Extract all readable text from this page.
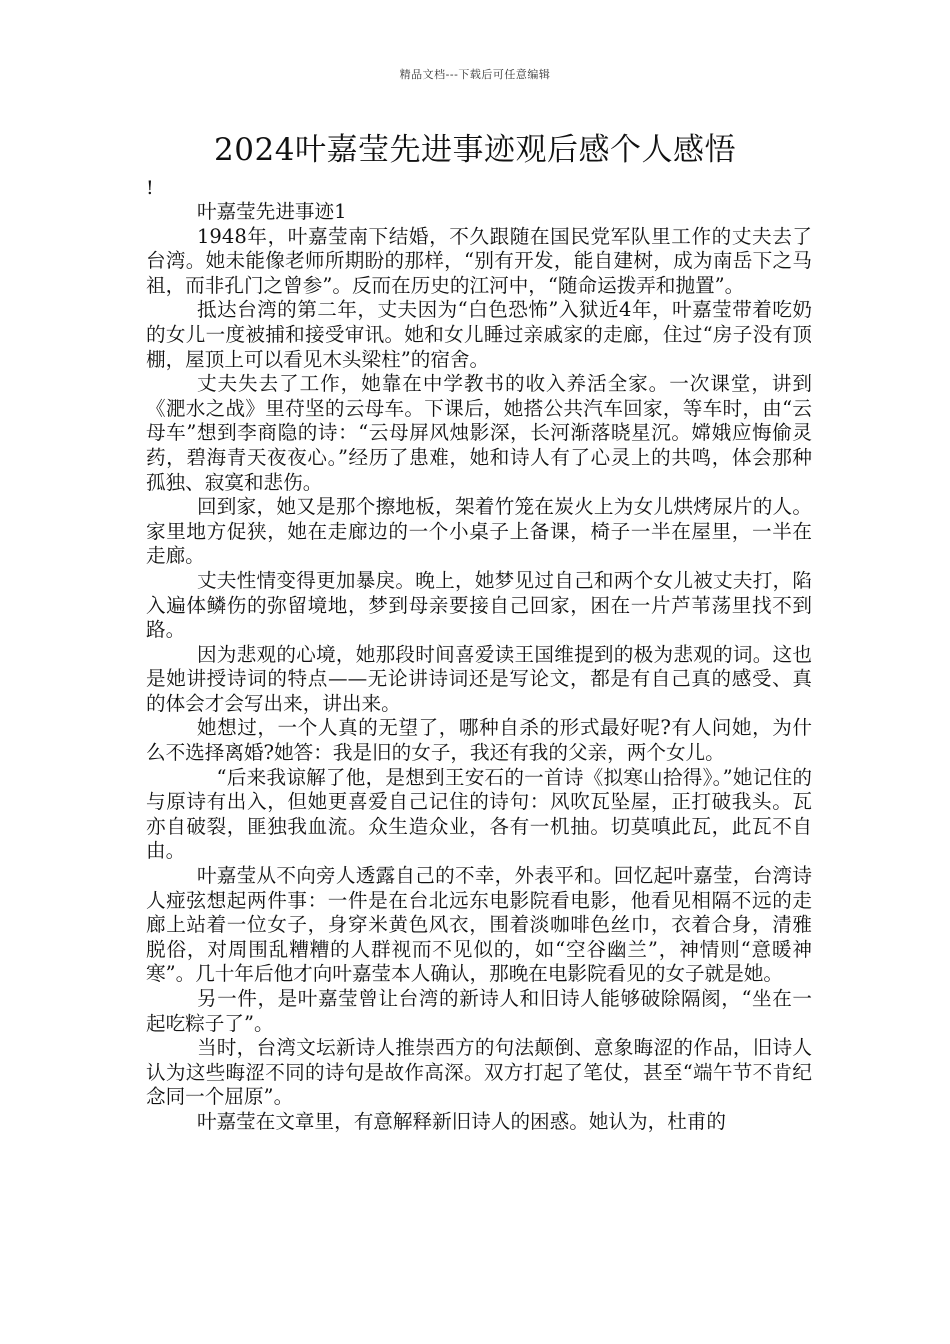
精品文档---下载后可任意编辑
2024叶嘉莹先进事迹观后感个人感悟
!

叶嘉莹先进事迹1

1948年，叶嘉莹南下结婚，不久跟随在国民党军队里工作的丈夫去了台湾。她未能像老师所期盼的那样，“别有开发，能自建树，成为南岳下之马祖，而非孔门之曾参”。反而在历史的江河中，“随命运拨弄和抛置”。

抵达台湾的第二年，丈夫因为“白色恐怖”入狱近4年，叶嘉莹带着吃奶的女儿一度被捕和接受审讯。她和女儿睡过亲戚家的走廊，住过“房子没有顶棚，屋顶上可以看见木头梁柱”的宿舍。

丈夫失去了工作，她靠在中学教书的收入养活全家。一次课堂，讲到《淝水之战》里苻坚的云母车。下课后，她搭公共汽车回家，等车时，由“云母车”想到李商隐的诗：“云母屏风烛影深，长河渐落晓星沉。嫦娥应悔偷灵药，碧海青天夜夜心。”经历了患难，她和诗人有了心灵上的共鸣，体会那种孤独、寂寞和悲伤。

回到家，她又是那个擦地板，架着竹笼在炭火上为女儿烘烤尿片的人。家里地方促狭，她在走廊边的一个小桌子上备课，椅子一半在屋里，一半在走廊。

丈夫性情变得更加暴戾。晚上，她梦见过自己和两个女儿被丈夫打，陷入遍体鳞伤的弥留境地，梦到母亲要接自己回家，困在一片芦苇荡里找不到路。

因为悲观的心境，她那段时间喜爱读王国维提到的极为悲观的词。这也是她讲授诗词的特点——无论讲诗词还是写论文，都是有自己真的感受、真的体会才会写出来，讲出来。

她想过，一个人真的无望了，哪种自杀的形式最好呢?有人问她，为什么不选择离婚?她答：我是旧的女子，我还有我的父亲，两个女儿。

“后来我谅解了他，是想到王安石的一首诗《拟寒山拾得》。”她记住的与原诗有出入，但她更喜爱自己记住的诗句：风吹瓦坠屋，正打破我头。瓦亦自破裂，匪独我血流。众生造众业，各有一机抽。切莫嗔此瓦，此瓦不自由。

叶嘉莹从不向旁人透露自己的不幸，外表平和。回忆起叶嘉莹，台湾诗人痖弦想起两件事：一件是在台北远东电影院看电影，他看见相隔不远的走廊上站着一位女子，身穿米黄色风衣，围着淡咖啡色丝巾，衣着合身，清雅脱俗，对周围乱糟糟的人群视而不见似的，如“空谷幽兰”，神情则“意暖神寒”。几十年后他才向叶嘉莹本人确认，那晚在电影院看见的女子就是她。

另一件，是叶嘉莹曾让台湾的新诗人和旧诗人能够破除隔阂，“坐在一起吃粽子了”。

当时，台湾文坛新诗人推崇西方的句法颠倒、意象晦涩的作品，旧诗人认为这些晦涩不同的诗句是故作高深。双方打起了笔仗，甚至“端午节不肯纪念同一个屈原”。

叶嘉莹在文章里，有意解释新旧诗人的困惑。她认为，杜甫的
